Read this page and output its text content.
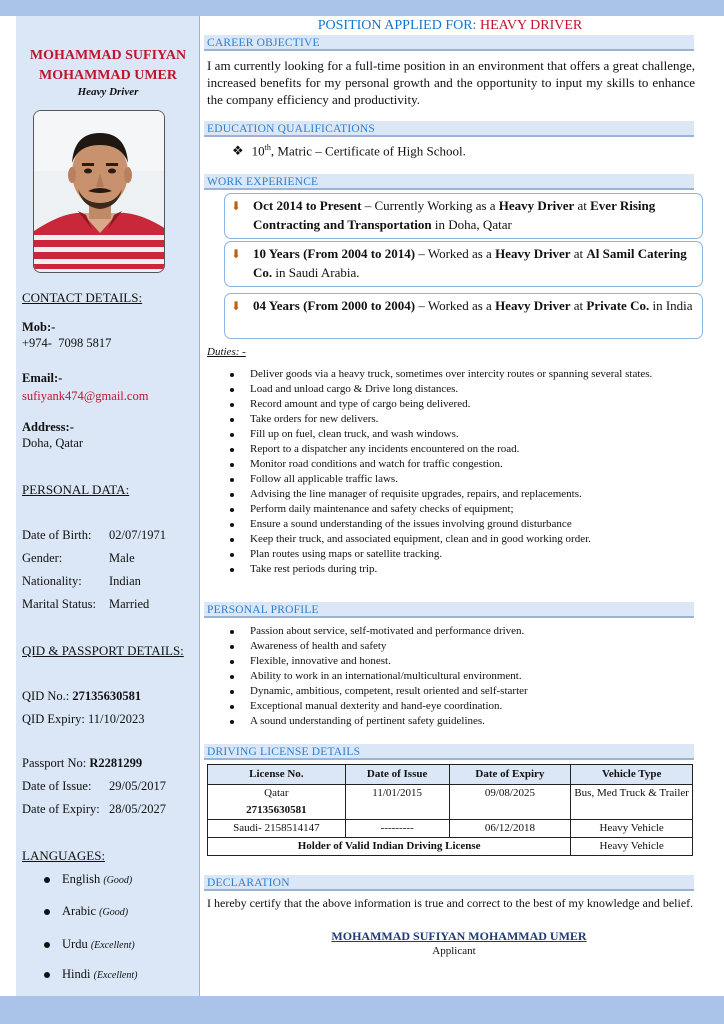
MOHAMMAD SUFIYAN
MOHAMMAD UMER
Heavy Driver
CONTACT DETAILS:
Mob:-
+974-  7098 5817
Email:-
sufiyank474@gmail.com
Address:-
Doha, Qatar
PERSONAL DATA:
Date of Birth: 02/07/1971
Gender:	Male
Nationality: Indian
Marital Status: Married
QID & PASSPORT DETAILS:
QID No.: 27135630581
QID Expiry: 11/10/2023
Passport No: R2281299
Date of Issue: 29/05/2017
Date of Expiry: 28/05/2027
LANGUAGES:
English (Good)
Arabic (Good)
Urdu (Excellent)
Hindi (Excellent)
POSITION APPLIED FOR: HEAVY DRIVER
CAREER OBJECTIVE
I am currently looking for a full-time position in an environment that offers a great challenge, increased benefits for my personal growth and the opportunity to input my skills to enhance the company efficiency and productivity.
EDUCATION QUALIFICATIONS
❖ 10th, Matric – Certificate of High School.
WORK EXPERIENCE
⬇ Oct 2014 to Present – Currently Working as a Heavy Driver at Ever Rising Contracting and Transportation in Doha, Qatar
⬇ 10 Years (From 2004 to 2014) – Worked as a Heavy Driver at Al Samil Catering Co. in Saudi Arabia.
⬇ 04 Years (From 2000 to 2004) – Worked as a Heavy Driver at Private Co. in India
Duties: -
Deliver goods via a heavy truck, sometimes over intercity routes or spanning several states.
Load and unload cargo & Drive long distances.
Record amount and type of cargo being delivered.
Take orders for new delivers.
Fill up on fuel, clean truck, and wash windows.
Report to a dispatcher any incidents encountered on the road.
Monitor road conditions and watch for traffic congestion.
Follow all applicable traffic laws.
Advising the line manager of requisite upgrades, repairs, and replacements.
Perform daily maintenance and safety checks of equipment;
Ensure a sound understanding of the issues involving ground disturbance
Keep their truck, and associated equipment, clean and in good working order.
Plan routes using maps or satellite tracking.
Take rest periods during trip.
PERSONAL PROFILE
Passion about service, self-motivated and performance driven.
Awareness of health and safety
Flexible, innovative and honest.
Ability to work in an international/multicultural environment.
Dynamic, ambitious, competent, result oriented and self-starter
Exceptional manual dexterity and hand-eye coordination.
A sound understanding of pertinent safety guidelines.
DRIVING LICENSE DETAILS
License No.	Date of Issue	Date of Expiry	Vehicle Type

Qatar
27135630581	11/01/2015	09/08/2025	Bus, Med Truck & Trailer
Saudi- 2158514147	---------	06/12/2018	Heavy Vehicle
Holder of Valid Indian Driving License			Heavy Vehicle
DECLARATION
I hereby certify that the above information is true and correct to the best of my knowledge and belief.
MOHAMMAD SUFIYAN MOHAMMAD UMER
Applicant
